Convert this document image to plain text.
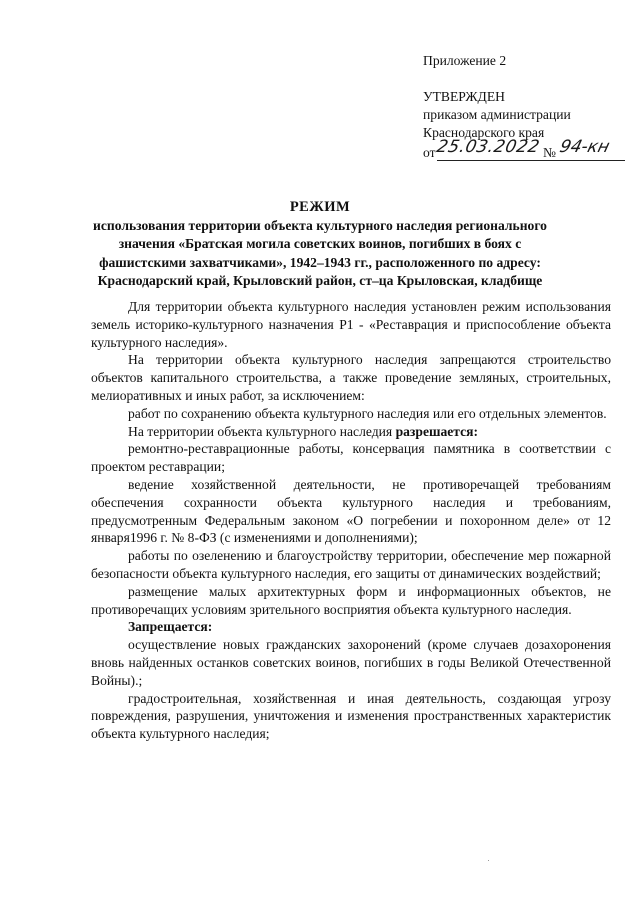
Приложение 2
УТВЕРЖДЕН
приказом администрации
Краснодарского края
от 25.03.2022 № 94-кн
РЕЖИМ
использования территории объекта культурного наследия регионального
значения «Братская могила советских воинов, погибших в боях с
фашистскими захватчиками», 1942–1943 гг., расположенного по адресу:
Краснодарский край, Крыловский район, ст–ца Крыловская, кладбище

Для территории объекта культурного наследия установлен режим использования земель историко-культурного назначения Р1 - «Реставрация и приспособление объекта культурного наследия».

На территории объекта культурного наследия запрещаются строительство объектов капитального строительства, а также проведение земляных, строительных, мелиоративных и иных работ, за исключением:

работ по сохранению объекта культурного наследия или его отдельных элементов.

На территории объекта культурного наследия разрешается:

ремонтно-реставрационные работы, консервация памятника в соответствии с проектом реставрации;

ведение хозяйственной деятельности, не противоречащей требованиям обеспечения сохранности объекта культурного наследия и требованиям, предусмотренным Федеральным законом «О погребении и похоронном деле» от 12 января1996 г. № 8-ФЗ (с изменениями и дополнениями);

работы по озеленению и благоустройству территории, обеспечение мер пожарной безопасности объекта культурного наследия, его защиты от динамических воздействий;

размещение малых архитектурных форм и информационных объектов, не противоречащих условиям зрительного восприятия объекта культурного наследия.

Запрещается:

осуществление новых гражданских захоронений (кроме случаев дозахоронения вновь найденных останков советских воинов, погибших в годы Великой Отечественной Войны).;

градостроительная, хозяйственная и иная деятельность, создающая угрозу повреждения, разрушения, уничтожения и изменения пространственных характеристик объекта культурного наследия;
